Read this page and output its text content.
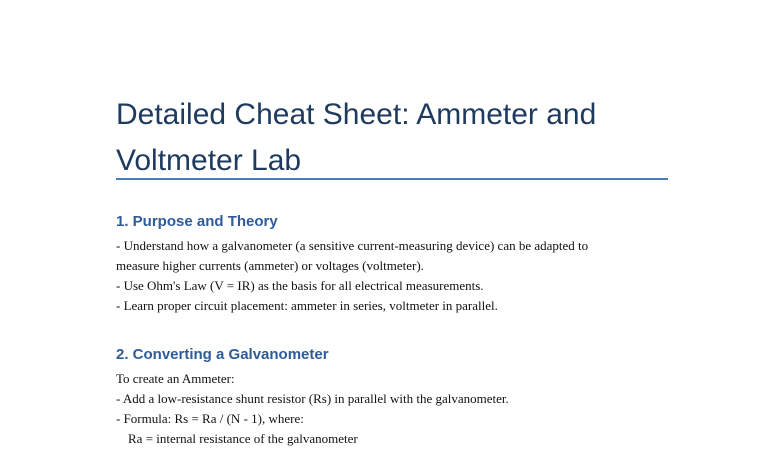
Detailed Cheat Sheet: Ammeter and Voltmeter Lab
1. Purpose and Theory

- Understand how a galvanometer (a sensitive current-measuring device) can be adapted to

measure higher currents (ammeter) or voltages (voltmeter).

- Use Ohm's Law (V = IR) as the basis for all electrical measurements.

- Learn proper circuit placement: ammeter in series, voltmeter in parallel.

2. Converting a Galvanometer

To create an Ammeter:

- Add a low-resistance shunt resistor (Rs) in parallel with the galvanometer.

- Formula: Rs = Ra / (N - 1), where:

Ra = internal resistance of the galvanometer
